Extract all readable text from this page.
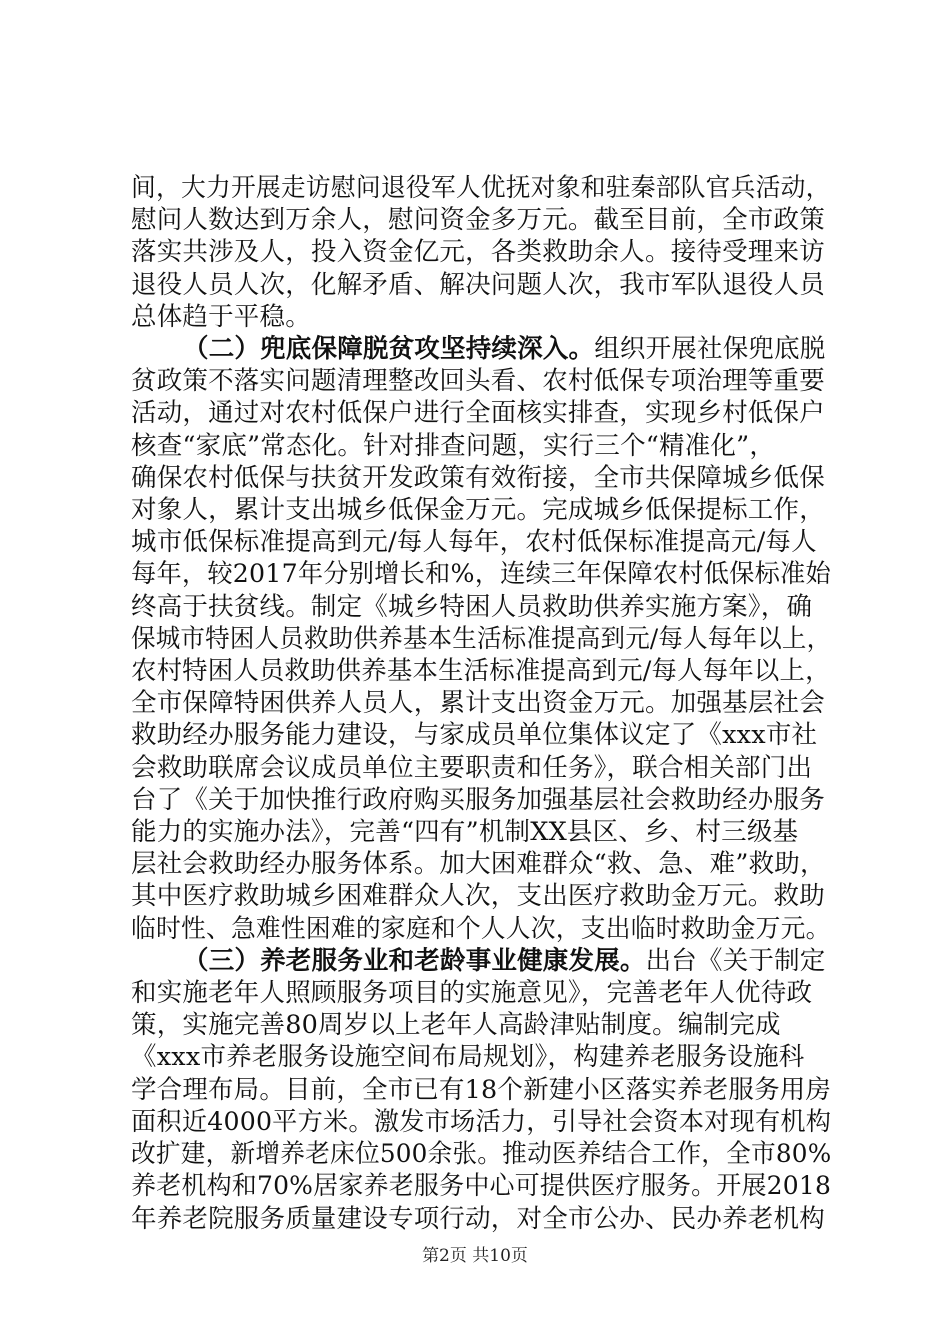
间，大力开展走访慰问退役军人优抚对象和驻秦部队官兵活动，
慰问人数达到万余人，慰问资金多万元。截至目前，全市政策
落实共涉及人，投入资金亿元，各类救助余人。接待受理来访
退役人员人次，化解矛盾、解决问题人次，我市军队退役人员
总体趋于平稳。
（二）兜底保障脱贫攻坚持续深入。组织开展社保兜底脱
贫政策不落实问题清理整改回头看、农村低保专项治理等重要
活动，通过对农村低保户进行全面核实排查，实现乡村低保户
核查“家底”常态化。针对排查问题，实行三个“精准化”，
确保农村低保与扶贫开发政策有效衔接，全市共保障城乡低保
对象人，累计支出城乡低保金万元。完成城乡低保提标工作，
城市低保标准提高到元/每人每年，农村低保标准提高元/每人
每年，较2017年分别增长和%，连续三年保障农村低保标准始
终高于扶贫线。制定《城乡特困人员救助供养实施方案》，确
保城市特困人员救助供养基本生活标准提高到元/每人每年以上，
农村特困人员救助供养基本生活标准提高到元/每人每年以上，
全市保障特困供养人员人，累计支出资金万元。加强基层社会
救助经办服务能力建设，与家成员单位集体议定了《xxx市社
会救助联席会议成员单位主要职责和任务》，联合相关部门出
台了《关于加快推行政府购买服务加强基层社会救助经办服务
能力的实施办法》，完善“四有”机制XX县区、乡、村三级基
层社会救助经办服务体系。加大困难群众“救、急、难”救助，
其中医疗救助城乡困难群众人次，支出医疗救助金万元。救助
临时性、急难性困难的家庭和个人人次，支出临时救助金万元。
（三）养老服务业和老龄事业健康发展。出台《关于制定
和实施老年人照顾服务项目的实施意见》，完善老年人优待政
策，实施完善80周岁以上老年人高龄津贴制度。编制完成
《xxx市养老服务设施空间布局规划》，构建养老服务设施科
学合理布局。目前，全市已有18个新建小区落实养老服务用房
面积近4000平方米。激发市场活力，引导社会资本对现有机构
改扩建，新增养老床位500余张。推动医养结合工作，全市80%
养老机构和70%居家养老服务中心可提供医疗服务。开展2018
年养老院服务质量建设专项行动，对全市公办、民办养老机构
第2页 共10页
